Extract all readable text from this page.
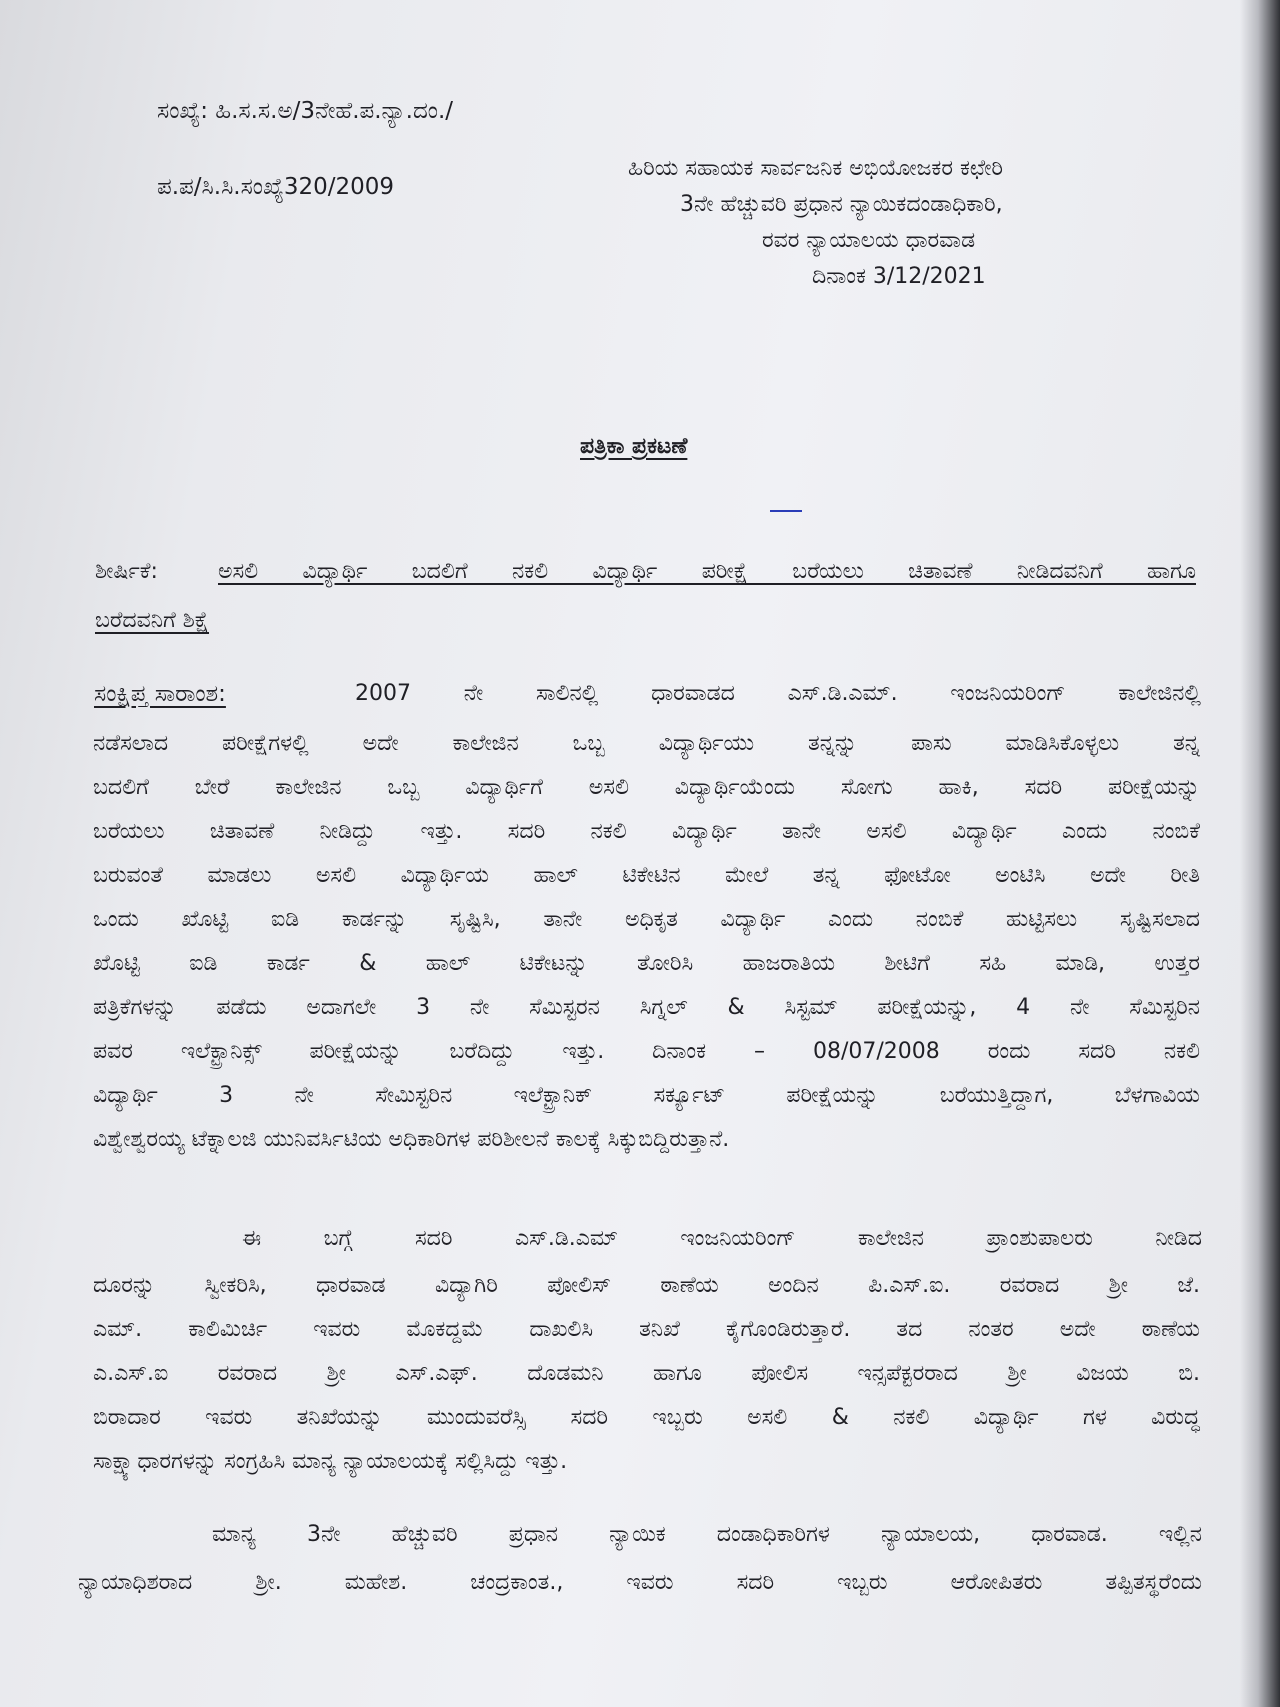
ಸಂಖ್ಯೆ: ಹಿ.ಸ.ಸ.ಅ/3ನೇಹೆ.ಪ.ನ್ಯಾ.ದಂ./
ಪ.ಪ/ಸಿ.ಸಿ.ಸಂಖ್ಯೆ320/2009
ಹಿರಿಯ ಸಹಾಯಕ ಸಾರ್ವಜನಿಕ ಅಭಿಯೋಜಕರ ಕಛೇರಿ
3ನೇ ಹೆಚ್ಚುವರಿ ಪ್ರಧಾನ ನ್ಯಾಯಿಕದಂಡಾಧಿಕಾರಿ,
ರವರ ನ್ಯಾಯಾಲಯ ಧಾರವಾಡ
ದಿನಾಂಕ 3/12/2021
ಪತ್ರಿಕಾ ಪ್ರಕಟಣೆ
ಶೀರ್ಷಿಕೆ:	ಅಸಲಿ ವಿದ್ಯಾರ್ಥಿ ಬದಲಿಗೆ ನಕಲಿ ವಿದ್ಯಾರ್ಥಿ ಪರೀಕ್ಷೆ ಬರೆಯಲು ಚಿತಾವಣೆ ನೀಡಿದವನಿಗೆ ಹಾಗೂ
ಬರೆದವನಿಗೆ ಶಿಕ್ಷೆ
ಸಂಕ್ಷಿಪ್ತ ಸಾರಾಂಶ:	2007 ನೇ ಸಾಲಿನಲ್ಲಿ ಧಾರವಾಡದ ಎಸ್.ಡಿ.ಎಮ್. ಇಂಜನಿಯರಿಂಗ್ ಕಾಲೇಜಿನಲ್ಲಿ
ನಡೆಸಲಾದ ಪರೀಕ್ಷೆಗಳಲ್ಲಿ ಅದೇ ಕಾಲೇಜಿನ ಒಬ್ಬ ವಿದ್ಯಾರ್ಥಿಯು ತನ್ನನ್ನು ಪಾಸು ಮಾಡಿಸಿಕೊಳ್ಳಲು ತನ್ನ
ಬದಲಿಗೆ ಬೇರೆ ಕಾಲೇಜಿನ ಒಬ್ಬ ವಿದ್ಯಾರ್ಥಿಗೆ ಅಸಲಿ ವಿದ್ಯಾರ್ಥಿಯೆಂದು ಸೋಗು ಹಾಕಿ, ಸದರಿ ಪರೀಕ್ಷೆಯನ್ನು
ಬರೆಯಲು ಚಿತಾವಣೆ ನೀಡಿದ್ದು ಇತ್ತು. ಸದರಿ ನಕಲಿ ವಿದ್ಯಾರ್ಥಿ ತಾನೇ ಅಸಲಿ ವಿದ್ಯಾರ್ಥಿ ಎಂದು ನಂಬಿಕೆ
ಬರುವಂತೆ ಮಾಡಲು ಅಸಲಿ ವಿದ್ಯಾರ್ಥಿಯ ಹಾಲ್ ಟಿಕೇಟಿನ ಮೇಲೆ ತನ್ನ ಫೋಟೋ ಅಂಟಿಸಿ ಅದೇ ರೀತಿ
ಒಂದು ಖೊಟ್ಟಿ ಐಡಿ ಕಾರ್ಡನ್ನು ಸೃಷ್ಟಿಸಿ, ತಾನೇ ಅಧಿಕೃತ ವಿದ್ಯಾರ್ಥಿ ಎಂದು ನಂಬಿಕೆ ಹುಟ್ಟಿಸಲು ಸೃಷ್ಟಿಸಲಾದ
ಖೊಟ್ಟಿ ಐಡಿ ಕಾರ್ಡ & ಹಾಲ್ ಟಿಕೇಟನ್ನು ತೋರಿಸಿ ಹಾಜರಾತಿಯ ಶೀಟಿಗೆ ಸಹಿ ಮಾಡಿ, ಉತ್ತರ
ಪತ್ರಿಕೆಗಳನ್ನು ಪಡೆದು ಅದಾಗಲೇ 3 ನೇ ಸೆಮಿಸ್ಟರನ ಸಿಗ್ನಲ್ & ಸಿಸ್ಟಮ್ ಪರೀಕ್ಷೆಯನ್ನು, 4 ನೇ ಸೆಮಿಸ್ಟರಿನ
ಪವರ ಇಲೆಕ್ಟ್ರಾನಿಕ್ಸ್ ಪರೀಕ್ಷೆಯನ್ನು ಬರೆದಿದ್ದು ಇತ್ತು. ದಿನಾಂಕ – 08/07/2008 ರಂದು ಸದರಿ ನಕಲಿ
ವಿದ್ಯಾರ್ಥಿ 3 ನೇ ಸೇಮಿಸ್ಟರಿನ ಇಲೆಕ್ಟ್ರಾನಿಕ್ ಸರ್ಕ್ಯೂಟ್ ಪರೀಕ್ಷೆಯನ್ನು ಬರೆಯುತ್ತಿದ್ದಾಗ, ಬೆಳಗಾವಿಯ
ವಿಶ್ವೇಶ್ವರಯ್ಯ ಟೆಕ್ನಾಲಜಿ ಯುನಿವರ್ಸಿಟಿಯ ಅಧಿಕಾರಿಗಳ ಪರಿಶೀಲನೆ ಕಾಲಕ್ಕೆ ಸಿಕ್ಕುಬಿದ್ದಿರುತ್ತಾನೆ.
ಈ ಬಗ್ಗೆ ಸದರಿ ಎಸ್.ಡಿ.ಎಮ್ ಇಂಜನಿಯರಿಂಗ್ ಕಾಲೇಜಿನ ಪ್ರಾಂಶುಪಾಲರು ನೀಡಿದ
ದೂರನ್ನು ಸ್ವೀಕರಿಸಿ, ಧಾರವಾಡ ವಿದ್ಯಾಗಿರಿ ಪೋಲಿಸ್ ಠಾಣೆಯ ಅಂದಿನ ಪಿ.ಎಸ್.ಐ. ರವರಾದ ಶ್ರೀ ಜೆ.
ಎಮ್. ಕಾಲಿಮಿರ್ಚಿ ಇವರು ಮೊಕದ್ದಮೆ ದಾಖಲಿಸಿ ತನಿಖೆ ಕೈಗೊಂಡಿರುತ್ತಾರೆ. ತದ ನಂತರ ಅದೇ ಠಾಣೆಯ
ಎ.ಎಸ್.ಐ ರವರಾದ ಶ್ರೀ ಎಸ್.ಎಫ್. ದೊಡಮನಿ ಹಾಗೂ ಪೋಲಿಸ ಇನ್ಸಪೆಕ್ಟರರಾದ ಶ್ರೀ ವಿಜಯ ಬಿ.
ಬಿರಾದಾರ ಇವರು ತನಿಖೆಯನ್ನು ಮುಂದುವರೆಸ್ಸಿ ಸದರಿ ಇಬ್ಬರು ಅಸಲಿ & ನಕಲಿ ವಿದ್ಯಾರ್ಥಿ ಗಳ ವಿರುದ್ಧ
ಸಾಕ್ಷ್ಯಾಧಾರಗಳನ್ನು ಸಂಗ್ರಹಿಸಿ ಮಾನ್ಯ ನ್ಯಾಯಾಲಯಕ್ಕೆ ಸಲ್ಲಿಸಿದ್ದು ಇತ್ತು.
ಮಾನ್ಯ 3ನೇ ಹೆಚ್ಚುವರಿ ಪ್ರಧಾನ ನ್ಯಾಯಿಕ ದಂಡಾಧಿಕಾರಿಗಳ ನ್ಯಾಯಾಲಯ, ಧಾರವಾಡ. ಇಲ್ಲಿನ
ನ್ಯಾಯಾಧಿಶರಾದ ಶ್ರೀ. ಮಹೇಶ. ಚಂದ್ರಕಾಂತ., ಇವರು ಸದರಿ ಇಬ್ಬರು ಆರೋಪಿತರು ತಪ್ಪಿತಸ್ಥರೆಂದು
